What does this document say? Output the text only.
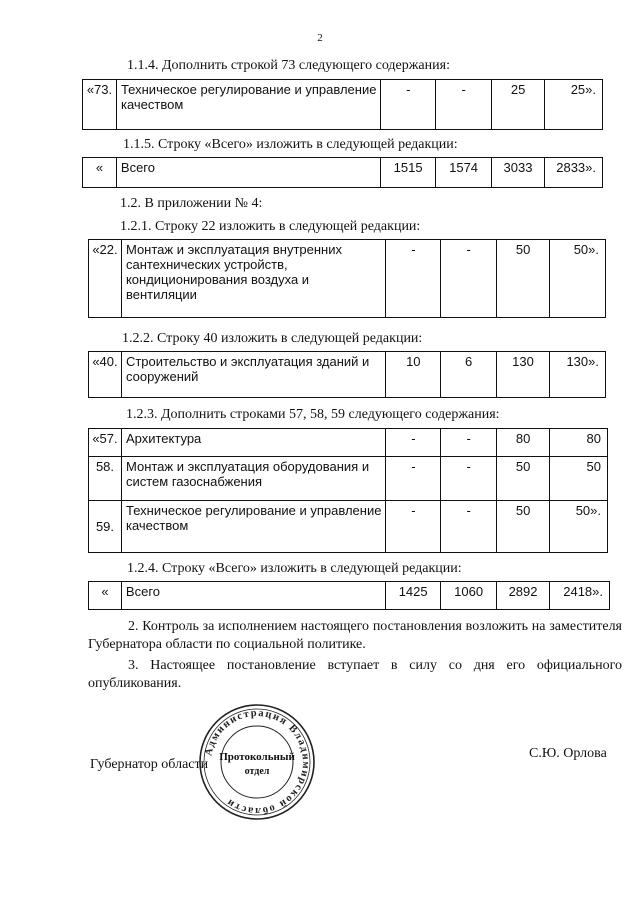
2
1.1.4. Дополнить строкой 73 следующего содержания:
«73.	Техническое регулирование и управление качеством	-	-	25	25».
1.1.5. Строку «Всего» изложить в следующей редакции:
«	Всего	1515	1574	3033	2833».
1.2. В приложении № 4:
1.2.1. Строку 22 изложить в следующей редакции:
«22.	Монтаж и эксплуатация внутренних сантехнических устройств, кондиционирования воздуха и вентиляции	-	-	50	50».
1.2.2. Строку 40 изложить в следующей редакции:
«40.	Строительство и эксплуатация зданий и сооружений	10	6	130	130».
1.2.3. Дополнить строками 57, 58, 59 следующего содержания:
«57.	Архитектура	-	-	80	80
58.	Монтаж и эксплуатация оборудования и систем газоснабжения	-	-	50	50
59.	Техническое регулирование и управление качеством	-	-	50	50».
1.2.4. Строку «Всего» изложить в следующей редакции:
«	Всего	1425	1060	2892	2418».
2. Контроль за исполнением настоящего постановления возложить на заместителя Губернатора области по социальной политике.
3. Настоящее постановление вступает в силу со дня его официального опубликования.
Губернатор области
С.Ю. Орлова
Администрация Владимирской области
Протокольный
отдел
